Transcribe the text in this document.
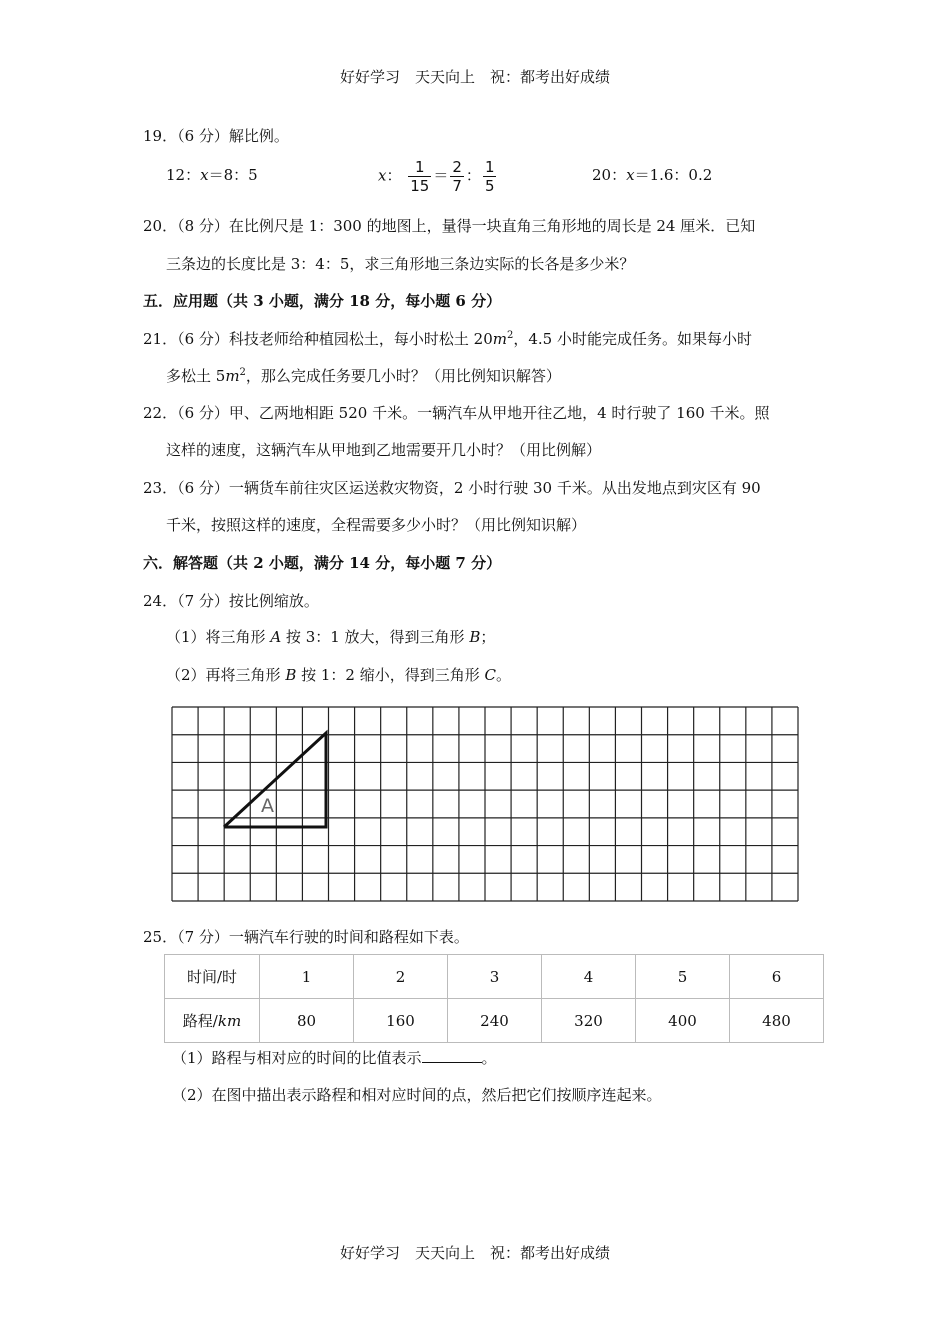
好好学习　天天向上　祝：都考出好成绩
19．（6 分）解比例。
12：x＝8：5	x： $\frac{1}{15} = \frac{2}{7}$ ： $\frac{1}{5}$	20：x＝1.6：0.2
20．（8 分）在比例尺是 1：300 的地图上，量得一块直角三角形地的周长是 24 厘米．已知
三条边的长度比是 3：4：5，求三角形地三条边实际的长各是多少米？
五．应用题（共 3 小题，满分 18 分，每小题 6 分）
21．（6 分）科技老师给种植园松土，每小时松土 $20m^2$，4.5 小时能完成任务。如果每小时
多松土 $5m^2$，那么完成任务要几小时？（用比例知识解答）
22．（6 分）甲、乙两地相距 520 千米。一辆汽车从甲地开往乙地，4 时行驶了 160 千米。照
这样的速度，这辆汽车从甲地到乙地需要开几小时？（用比例解）
23．（6 分）一辆货车前往灾区运送救灾物资，2 小时行驶 30 千米。从出发地点到灾区有 90
千米，按照这样的速度，全程需要多少小时？（用比例知识解）
六．解答题（共 2 小题，满分 14 分，每小题 7 分）
24．（7 分）按比例缩放。
（1）将三角形 A 按 3：1 放大，得到三角形 B；
（2）再将三角形 B 按 1：2 缩小，得到三角形 C。
A
25．（7 分）一辆汽车行驶的时间和路程如下表。
时间/时	1	2	3	4	5	6
路程/km	80	160	240	320	400	480
（1）路程与相对应的时间的比值表示	。
（2）在图中描出表示路程和相对应时间的点，然后把它们按顺序连起来。
好好学习　天天向上　祝：都考出好成绩
